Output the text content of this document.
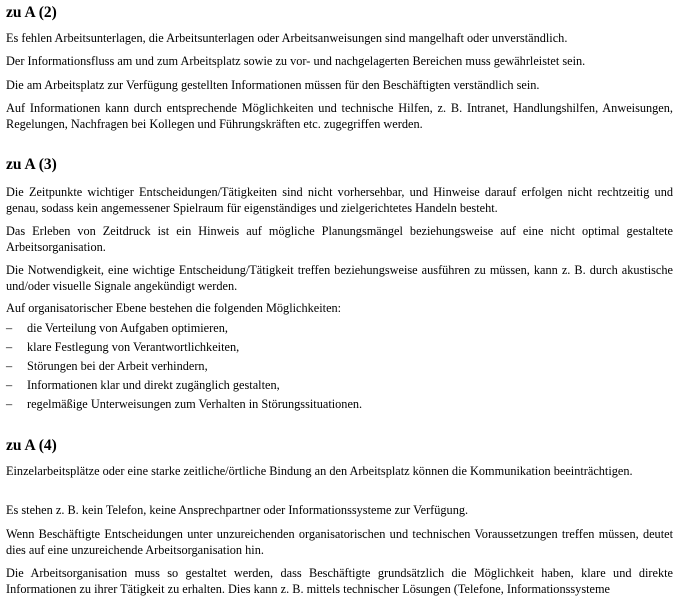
zu A (2)

Es fehlen Arbeitsunterlagen, die Arbeitsunterlagen oder Arbeitsanweisungen sind mangelhaft oder unverständlich.

Der Informationsfluss am und zum Arbeitsplatz sowie zu vor- und nachgelagerten Bereichen muss gewährleistet sein.

Die am Arbeitsplatz zur Verfügung gestellten Informationen müssen für den Beschäftigten verständlich sein.

Auf Informationen kann durch entsprechende Möglichkeiten und technische Hilfen, z. B. Intranet, Handlungshilfen, Anweisungen, Regelungen, Nachfragen bei Kollegen und Führungskräften etc. zugegriffen werden.

zu A (3)

Die Zeitpunkte wichtiger Entscheidungen/Tätigkeiten sind nicht vorhersehbar, und Hinweise darauf erfolgen nicht rechtzeitig und genau, sodass kein angemessener Spielraum für eigenständiges und zielgerichtetes Handeln besteht.

Das Erleben von Zeitdruck ist ein Hinweis auf mögliche Planungsmängel beziehungsweise auf eine nicht optimal gestaltete Arbeitsorganisation.

Die Notwendigkeit, eine wichtige Entscheidung/Tätigkeit treffen beziehungsweise ausführen zu müssen, kann z. B. durch akustische und/oder visuelle Signale angekündigt werden.

Auf organisatorischer Ebene bestehen die folgenden Möglichkeiten:

– die Verteilung von Aufgaben optimieren,
– klare Festlegung von Verantwortlichkeiten,
– Störungen bei der Arbeit verhindern,
– Informationen klar und direkt zugänglich gestalten,
– regelmäßige Unterweisungen zum Verhalten in Störungssituationen.
zu A (4)

Einzelarbeitsplätze oder eine starke zeitliche/örtliche Bindung an den Arbeitsplatz können die Kommunikation beeinträchtigen.

Es stehen z. B. kein Telefon, keine Ansprechpartner oder Informationssysteme zur Verfügung.

Wenn Beschäftigte Entscheidungen unter unzureichenden organisatorischen und technischen Voraussetzungen treffen müssen, deutet dies auf eine unzureichende Arbeitsorganisation hin.

Die Arbeitsorganisation muss so gestaltet werden, dass Beschäftigte grundsätzlich die Möglichkeit haben, klare und direkte Informationen zu ihrer Tätigkeit zu erhalten. Dies kann z. B. mittels technischer Lösungen (Telefone, Informationssysteme
